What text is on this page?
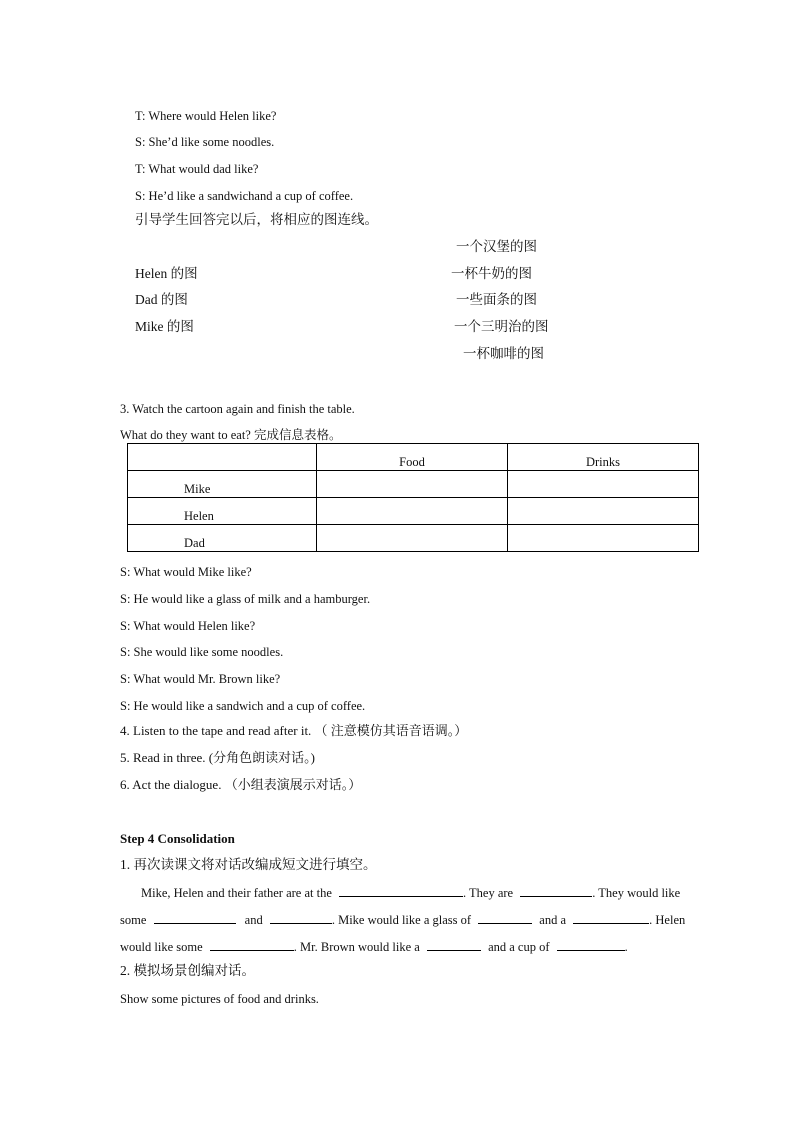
T: Where would Helen like?
S: She’d like some noodles.
T: What would dad like?
S: He’d like a sandwichand a cup of coffee.
引导学生回答完以后，将相应的图连线。
一个汉堡的图
Helen 的图	一杯牛奶的图
Dad 的图	一些面条的图
Mike 的图	一个三明治的图
一杯咖啡的图
3. Watch the cartoon again and finish the table.
What do they want to eat? 完成信息表格。
	Food	Drinks
Mike		
Helen		
Dad		
S: What would Mike like?
S: He would like a glass of milk and a hamburger.
S: What would Helen like?
S: She would like some noodles.
S: What would Mr. Brown like?
S: He would like a sandwich and a cup of coffee.
4. Listen to the tape and read after it. （ 注意模仿其语音语调。）
5. Read in three. (分角色朗读对话。)
6. Act the dialogue. （小组表演展示对话。）
Step 4 Consolidation
1. 再次读课文将对话改编成短文进行填空。
Mike, Helen and their father are at the	. They are	. They would like
some	and	. Mike would like a glass of	and a	. Helen
would like some	. Mr. Brown would like a	and a cup of	.
2. 模拟场景创编对话。
Show some pictures of food and drinks.
